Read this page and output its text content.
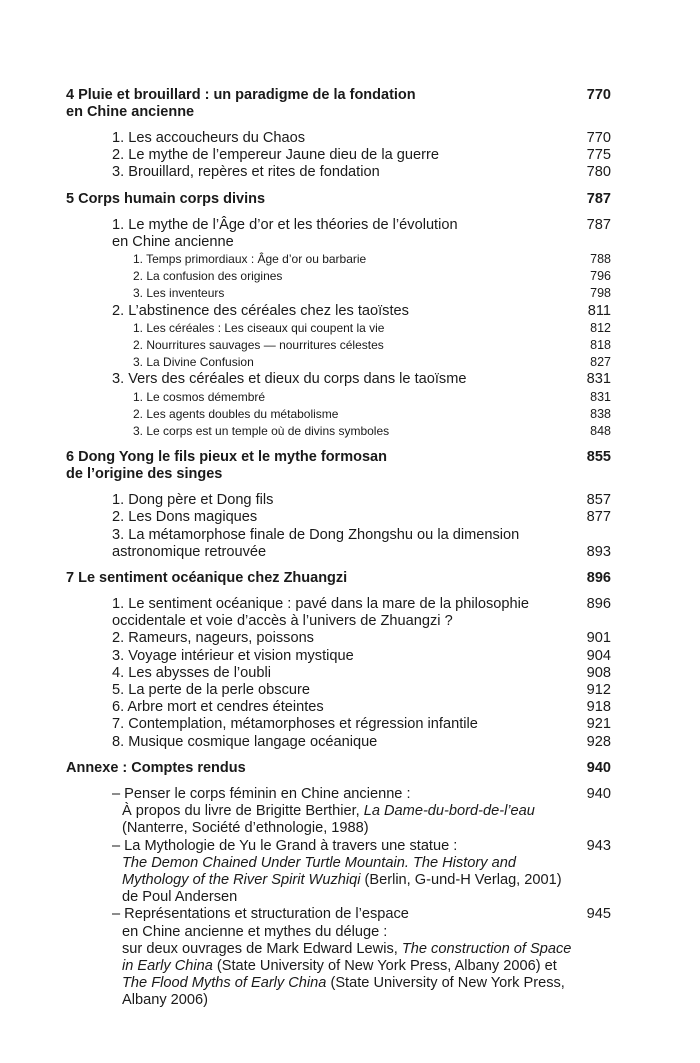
4 Pluie et brouillard : un paradigme de la fondation
en Chine ancienne
770
1. Les accoucheurs du Chaos	770
2. Le mythe de l’empereur Jaune dieu de la guerre	775
3. Brouillard, repères et rites de fondation	780
5 Corps humain corps divins	787
1. Le mythe de l’Âge d’or et les théories de l’évolution
en Chine ancienne
787
1. Temps primordiaux : Âge d’or ou barbarie	788
2. La confusion des origines	796
3. Les inventeurs	798
2. L’abstinence des céréales chez les taoïstes	811
1. Les céréales : Les ciseaux qui coupent la vie	812
2. Nourritures sauvages — nourritures célestes	818
3. La Divine Confusion	827
3. Vers des céréales et dieux du corps dans le taoïsme	831
1. Le cosmos démembré	831
2. Les agents doubles du métabolisme	838
3. Le corps est un temple où de divins symboles	848
6 Dong Yong le fils pieux et le mythe formosan
de l’origine des singes
855
1. Dong père et Dong fils	857
2. Les Dons magiques	877
3. La métamorphose finale de Dong Zhongshu ou la dimension
astronomique retrouvée	893
7 Le sentiment océanique chez Zhuangzi	896
1. Le sentiment océanique : pavé dans la mare de la philosophie
occidentale et voie d’accès à l’univers de Zhuangzi ?
896
2. Rameurs, nageurs, poissons	901
3. Voyage intérieur et vision mystique	904
4. Les abysses de l’oubli	908
5. La perte de la perle obscure	912
6. Arbre mort et cendres éteintes	918
7. Contemplation, métamorphoses et régression infantile	921
8. Musique cosmique langage océanique	928
Annexe : Comptes rendus	940
– Penser le corps féminin en Chine ancienne :
À propos du livre de Brigitte Berthier, La Dame-du-bord-de-l’eau
(Nanterre, Société d’ethnologie, 1988)
940
– La Mythologie de Yu le Grand à travers une statue :
The Demon Chained Under Turtle Mountain. The History and
Mythology of the River Spirit Wuzhiqi (Berlin, G-und-H Verlag, 2001)
de Poul Andersen
943
– Représentations et structuration de l’espace
en Chine ancienne et mythes du déluge :
sur deux ouvrages de Mark Edward Lewis, The construction of Space
in Early China (State University of New York Press, Albany 2006) et
The Flood Myths of Early China (State University of New York Press,
Albany 2006)
945
